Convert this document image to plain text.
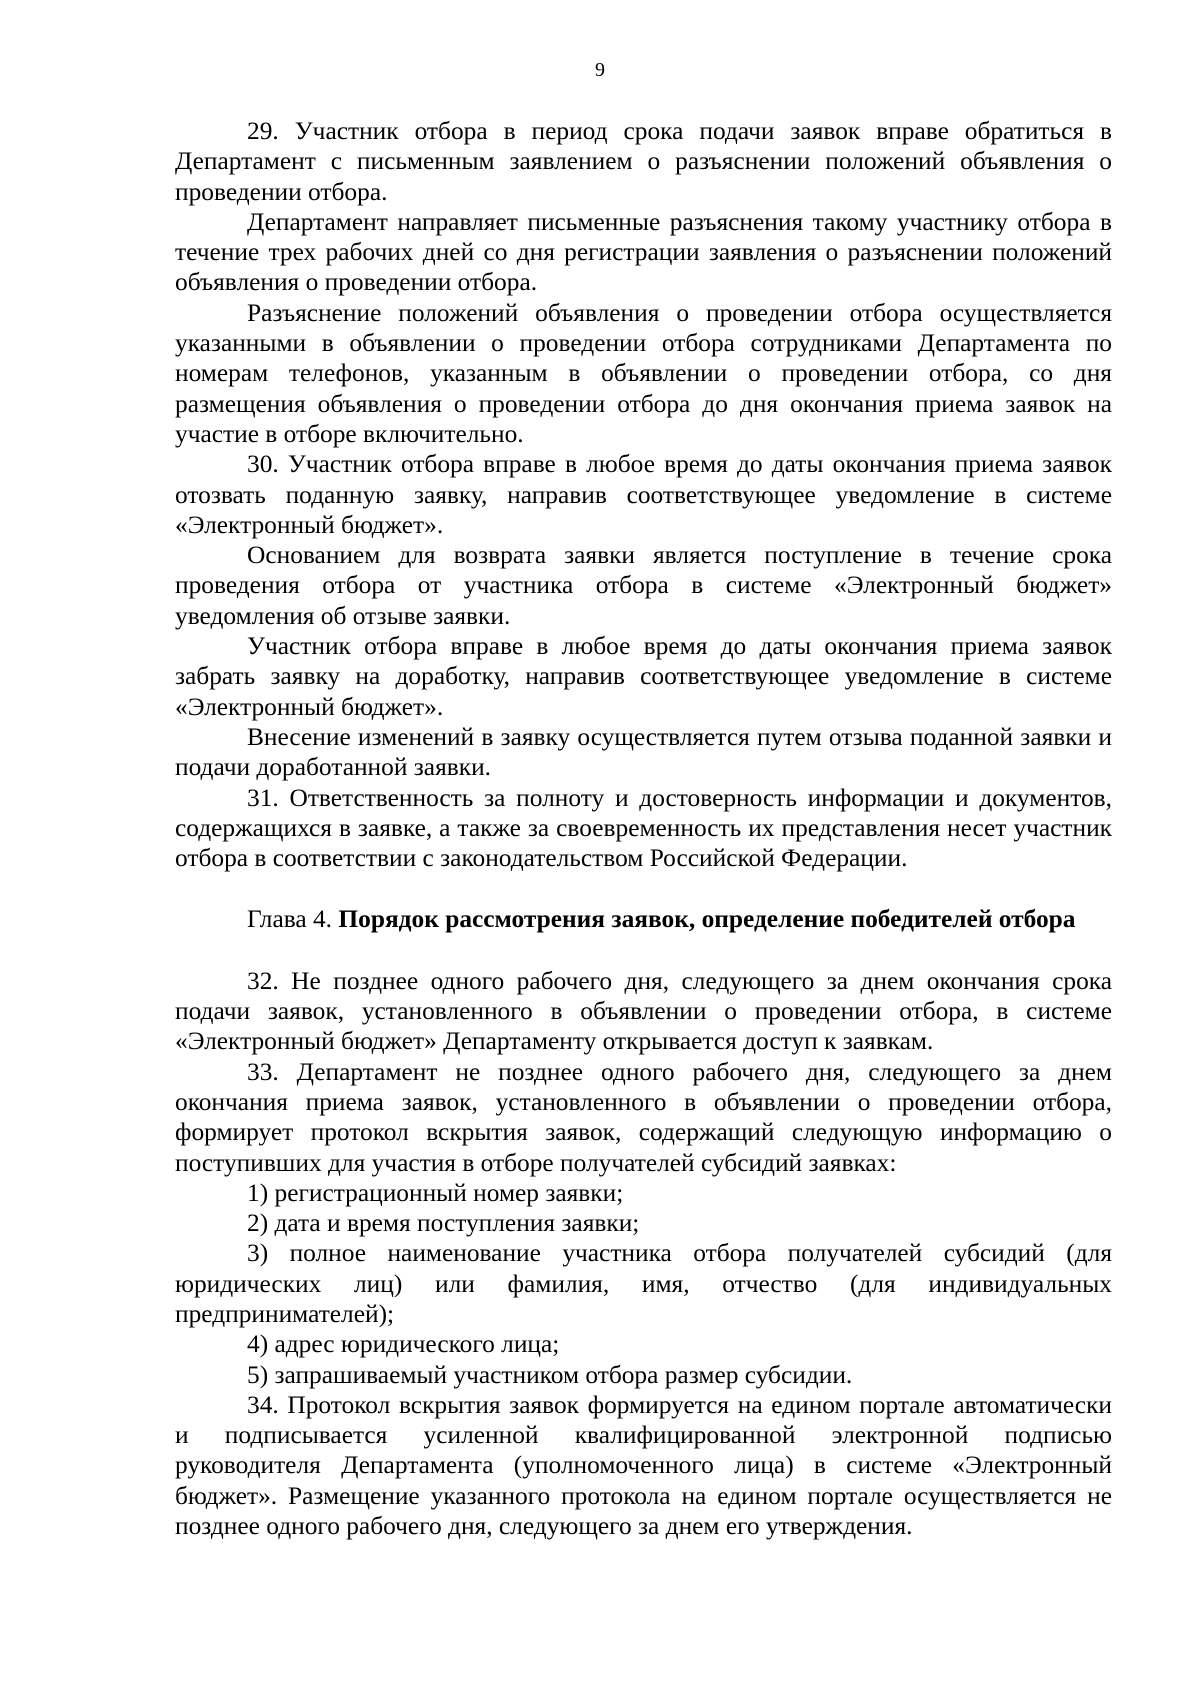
9

29. Участник отбора в период срока подачи заявок вправе обратиться в Департамент с письменным заявлением о разъяснении положений объявления о проведении отбора.

Департамент направляет письменные разъяснения такому участнику отбора в течение трех рабочих дней со дня регистрации заявления о разъяснении положений объявления о проведении отбора.

Разъяснение положений объявления о проведении отбора осуществляется указанными в объявлении о проведении отбора сотрудниками Департамента по номерам телефонов, указанным в объявлении о проведении отбора, со дня размещения объявления о проведении отбора до дня окончания приема заявок на участие в отборе включительно.

30. Участник отбора вправе в любое время до даты окончания приема заявок отозвать поданную заявку, направив соответствующее уведомление в системе «Электронный бюджет».

Основанием для возврата заявки является поступление в течение срока проведения отбора от участника отбора в системе «Электронный бюджет» уведомления об отзыве заявки.

Участник отбора вправе в любое время до даты окончания приема заявок забрать заявку на доработку, направив соответствующее уведомление в системе «Электронный бюджет».

Внесение изменений в заявку осуществляется путем отзыва поданной заявки и подачи доработанной заявки.

31. Ответственность за полноту и достоверность информации и документов, содержащихся в заявке, а также за своевременность их представления несет участник отбора в соответствии с законодательством Российской Федерации.

Глава 4. Порядок рассмотрения заявок, определение победителей отбора

32. Не позднее одного рабочего дня, следующего за днем окончания срока подачи заявок, установленного в объявлении о проведении отбора, в системе «Электронный бюджет» Департаменту открывается доступ к заявкам.

33. Департамент не позднее одного рабочего дня, следующего за днем окончания приема заявок, установленного в объявлении о проведении отбора, формирует протокол вскрытия заявок, содержащий следующую информацию о поступивших для участия в отборе получателей субсидий заявках:

1) регистрационный номер заявки;

2) дата и время поступления заявки;

3) полное наименование участника отбора получателей субсидий (для юридических лиц) или фамилия, имя, отчество (для индивидуальных предпринимателей);

4) адрес юридического лица;

5) запрашиваемый участником отбора размер субсидии.

34. Протокол вскрытия заявок формируется на едином портале автоматически и подписывается усиленной квалифицированной электронной подписью руководителя Департамента (уполномоченного лица) в системе «Электронный бюджет». Размещение указанного протокола на едином портале осуществляется не позднее одного рабочего дня, следующего за днем его утверждения.
